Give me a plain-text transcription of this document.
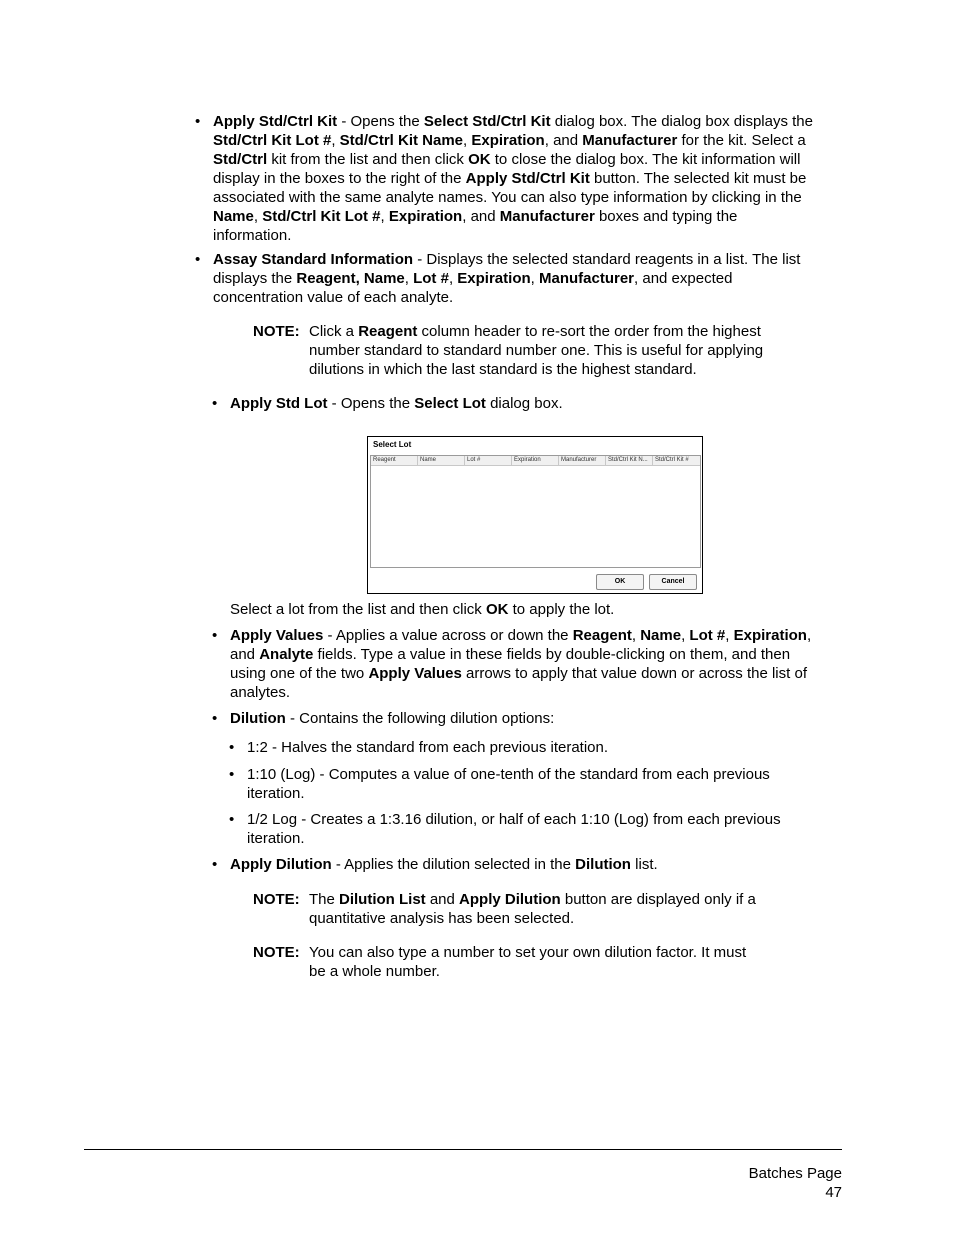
• Apply Std/Ctrl Kit - Opens the Select Std/Ctrl Kit dialog box. The dialog box displays the
Std/Ctrl Kit Lot #, Std/Ctrl Kit Name, Expiration, and Manufacturer for the kit. Select a
Std/Ctrl kit from the list and then click OK to close the dialog box. The kit information will
display in the boxes to the right of the Apply Std/Ctrl Kit button. The selected kit must be
associated with the same analyte names. You can also type information by clicking in the
Name, Std/Ctrl Kit Lot #, Expiration, and Manufacturer boxes and typing the
information.
• Assay Standard Information - Displays the selected standard reagents in a list. The list
displays the Reagent, Name, Lot #, Expiration, Manufacturer, and expected
concentration value of each analyte.
NOTE: Click a Reagent column header to re-sort the order from the highest
number standard to standard number one. This is useful for applying
dilutions in which the last standard is the highest standard.
• Apply Std Lot - Opens the Select Lot dialog box.
Select Lot
Reagent	Name	Lot #	Expiration	Manufacturer	Std/Ctrl Kit N...	Std/Ctrl Kit #
OK	Cancel
Select a lot from the list and then click OK to apply the lot.
• Apply Values - Applies a value across or down the Reagent, Name, Lot #, Expiration,
and Analyte fields. Type a value in these fields by double-clicking on them, and then
using one of the two Apply Values arrows to apply that value down or across the list of
analytes.
• Dilution - Contains the following dilution options:
• 1:2 - Halves the standard from each previous iteration.
• 1:10 (Log) - Computes a value of one-tenth of the standard from each previous
iteration.
• 1/2 Log - Creates a 1:3.16 dilution, or half of each 1:10 (Log) from each previous
iteration.
• Apply Dilution - Applies the dilution selected in the Dilution list.
NOTE: The Dilution List and Apply Dilution button are displayed only if a
quantitative analysis has been selected.
NOTE: You can also type a number to set your own dilution factor. It must
be a whole number.
Batches Page
47
